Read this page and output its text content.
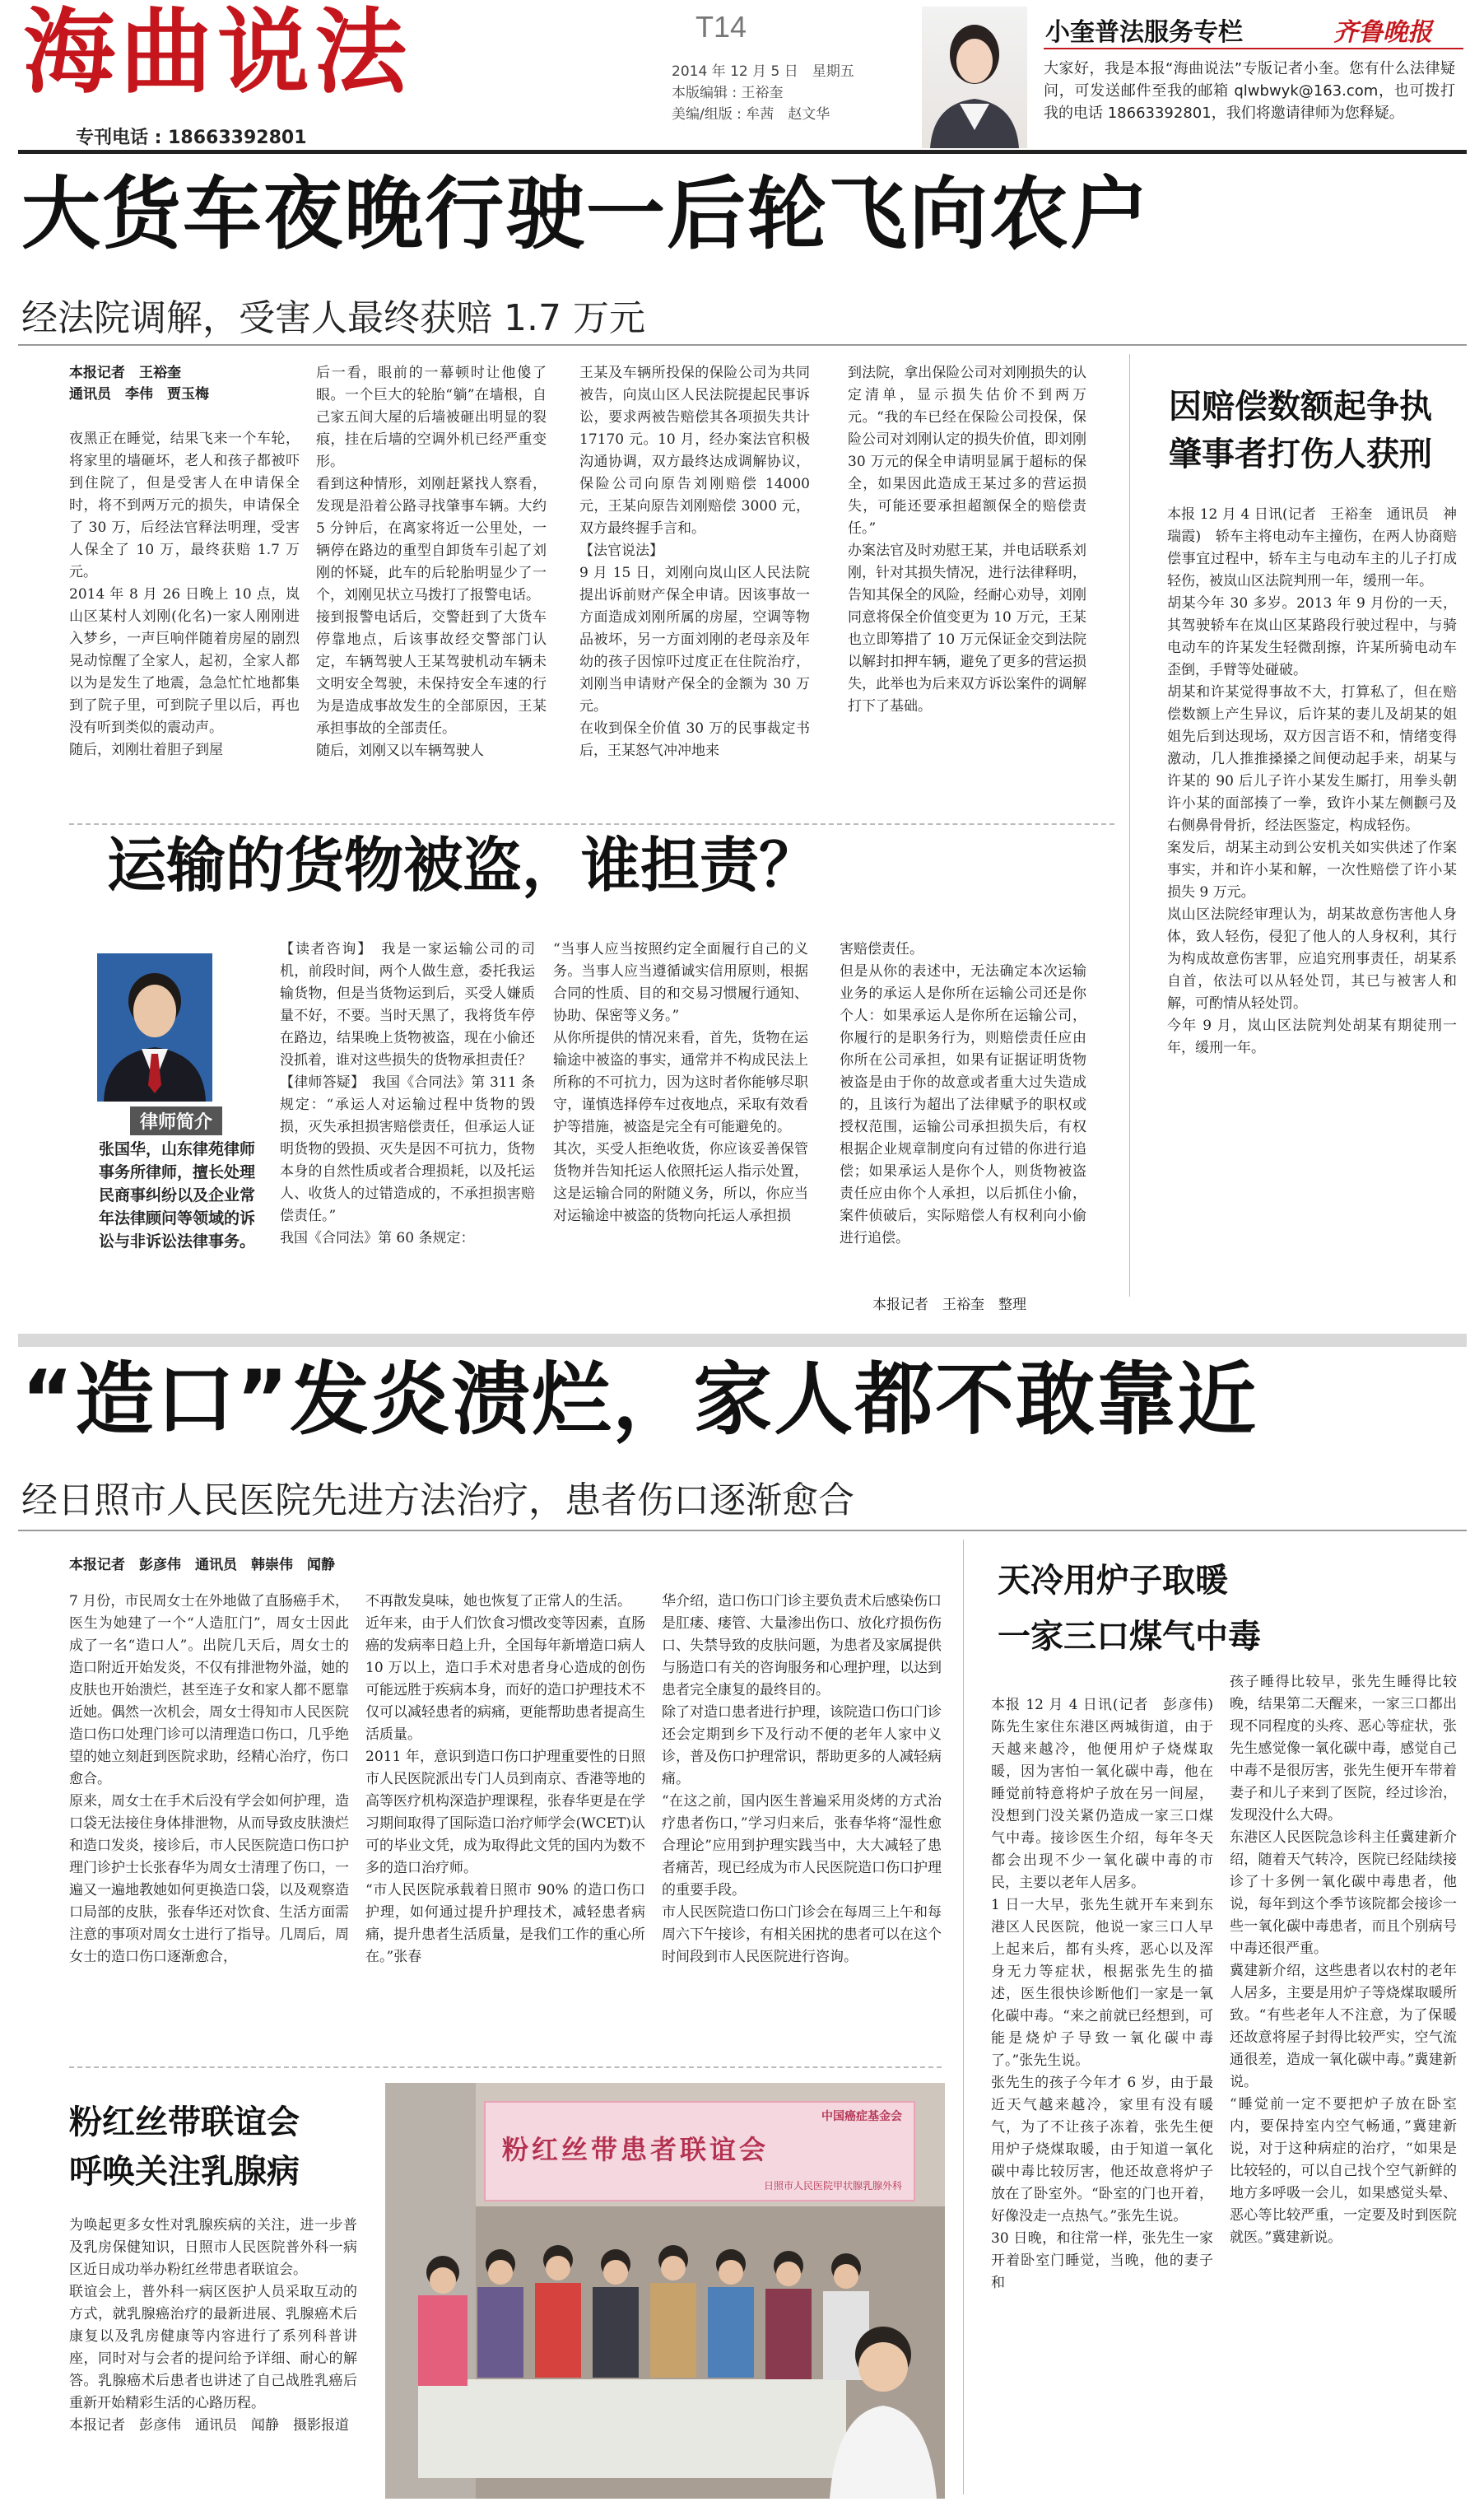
海曲说法
专刊电话 : 18663392801
T14
2014 年 12 月 5 日　星期五
本版编辑 : 王裕奎
美编/组版 : 牟茜　赵文华
小奎普法服务专栏	齐鲁晚报
大家好，我是本报“海曲说法”专版记者小奎。您有什么法律疑问，可发送邮件至我的邮箱 qlwbwyk@163.com，也可拨打我的电话 18663392801，我们将邀请律师为您释疑。
大货车夜晚行驶一后轮飞向农户
经法院调解，受害人最终获赔 1.7 万元
本报记者　王裕奎
通讯员　李伟　贾玉梅
夜黑正在睡觉，结果飞来一个车轮，将家里的墙砸坏，老人和孩子都被吓到住院了，但是受害人在申请保全时，将不到两万元的损失，申请保全了 30 万，后经法官释法明理，受害人保全了 10 万，最终获赔 1.7 万元。
2014 年 8 月 26 日晚上 10 点，岚山区某村人刘刚(化名)一家人刚刚进入梦乡，一声巨响伴随着房屋的剧烈晃动惊醒了全家人，起初，全家人都以为是发生了地震，急急忙忙地都集到了院子里，可到院子里以后，再也没有听到类似的震动声。
随后，刘刚壮着胆子到屋
后一看，眼前的一幕顿时让他傻了眼。一个巨大的轮胎“躺”在墙根，自己家五间大屋的后墙被砸出明显的裂痕，挂在后墙的空调外机已经严重变形。
看到这种情形，刘刚赶紧找人察看，发现是沿着公路寻找肇事车辆。大约 5 分钟后，在离家将近一公里处，一辆停在路边的重型自卸货车引起了刘刚的怀疑，此车的后轮胎明显少了一个，刘刚见状立马拨打了报警电话。
接到报警电话后，交警赶到了大货车停靠地点，后该事故经交警部门认定，车辆驾驶人王某驾驶机动车辆未文明安全驾驶，未保持安全车速的行为是造成事故发生的全部原因，王某承担事故的全部责任。
随后，刘刚又以车辆驾驶人
王某及车辆所投保的保险公司为共同被告，向岚山区人民法院提起民事诉讼，要求两被告赔偿其各项损失共计 17170 元。10 月，经办案法官积极沟通协调，双方最终达成调解协议，保险公司向原告刘刚赔偿 14000 元，王某向原告刘刚赔偿 3000 元，双方最终握手言和。
【法官说法】
9 月 15 日，刘刚向岚山区人民法院提出诉前财产保全申请。因该事故一方面造成刘刚所属的房屋，空调等物品被坏，另一方面刘刚的老母亲及年幼的孩子因惊吓过度正在住院治疗，刘刚当申请财产保全的金额为 30 万元。
在收到保全价值 30 万的民事裁定书后，王某怒气冲冲地来
到法院，拿出保险公司对刘刚损失的认定清单，显示损失估价不到两万元。“我的车已经在保险公司投保，保险公司对刘刚认定的损失价值，即刘刚 30 万元的保全申请明显属于超标的保全，如果因此造成王某过多的营运损失，可能还要承担超额保全的赔偿责任。”
办案法官及时劝慰王某，并电话联系刘刚，针对其损失情况，进行法律释明，告知其保全的风险，经耐心劝导，刘刚同意将保全价值变更为 10 万元，王某也立即筹措了 10 万元保证金交到法院以解封扣押车辆，避免了更多的营运损失，此举也为后来双方诉讼案件的调解打下了基础。
因赔偿数额起争执
肇事者打伤人获刑
本报 12 月 4 日讯(记者　王裕奎　通讯员　神瑞霞)　轿车主将电动车主撞伤，在两人协商赔偿事宜过程中，轿车主与电动车主的儿子打成轻伤，被岚山区法院判刑一年，缓刑一年。
胡某今年 30 多岁。2013 年 9 月份的一天，其驾驶轿车在岚山区某路段行驶过程中，与骑电动车的许某发生轻微刮擦，许某所骑电动车歪倒，手臂等处碰破。
胡某和许某觉得事故不大，打算私了，但在赔偿数额上产生异议，后许某的妻儿及胡某的姐姐先后到达现场，双方因言语不和，情绪变得激动，几人推推搡搡之间便动起手来，胡某与许某的 90 后儿子许小某发生厮打，用拳头朝许小某的面部揍了一拳，致许小某左侧颧弓及右侧鼻骨骨折，经法医鉴定，构成轻伤。
案发后，胡某主动到公安机关如实供述了作案事实，并和许小某和解，一次性赔偿了许小某损失 9 万元。
岚山区法院经审理认为，胡某故意伤害他人身体，致人轻伤，侵犯了他人的人身权利，其行为构成故意伤害罪，应追究刑事责任，胡某系自首，依法可以从轻处罚，其已与被害人和解，可酌情从轻处罚。
今年 9 月，岚山区法院判处胡某有期徒刑一年，缓刑一年。
运输的货物被盗，谁担责？
律师简介
张国华，山东律苑律师事务所律师，擅长处理民商事纠纷以及企业常年法律顾问等领域的诉讼与非诉讼法律事务。
【读者咨询】　我是一家运输公司的司机，前段时间，两个人做生意，委托我运输货物，但是当货物运到后，买受人嫌质量不好，不要。当时天黑了，我将货车停在路边，结果晚上货物被盗，现在小偷还没抓着，谁对这些损失的货物承担责任？
【律师答疑】　我国《合同法》第 311 条规定：“承运人对运输过程中货物的毁损，灭失承担损害赔偿责任，但承运人证明货物的毁损、灭失是因不可抗力，货物本身的自然性质或者合理损耗，以及托运人、收货人的过错造成的，不承担损害赔偿责任。”
我国《合同法》第 60 条规定：
“当事人应当按照约定全面履行自己的义务。当事人应当遵循诚实信用原则，根据合同的性质、目的和交易习惯履行通知、协助、保密等义务。”
从你所提供的情况来看，首先，货物在运输途中被盗的事实，通常并不构成民法上所称的不可抗力，因为这时者你能够尽职守，谨慎选择停车过夜地点，采取有效看护等措施，被盗是完全有可能避免的。
其次，买受人拒绝收货，你应该妥善保管货物并告知托运人依照托运人指示处置，这是运输合同的附随义务，所以，你应当对运输途中被盗的货物向托运人承担损
害赔偿责任。
但是从你的表述中，无法确定本次运输业务的承运人是你所在运输公司还是你个人：如果承运人是你所在运输公司，你履行的是职务行为，则赔偿责任应由你所在公司承担，如果有证据证明货物被盗是由于你的故意或者重大过失造成的，且该行为超出了法律赋予的职权或授权范围，运输公司承担损失后，有权根据企业规章制度向有过错的你进行追偿；如果承运人是你个人，则货物被盗责任应由你个人承担，以后抓住小偷，案件侦破后，实际赔偿人有权利向小偷进行追偿。
本报记者　王裕奎　整理
“造口”发炎溃烂，家人都不敢靠近
经日照市人民医院先进方法治疗，患者伤口逐渐愈合
本报记者　彭彦伟　通讯员　韩崇伟　闻静
7 月份，市民周女士在外地做了直肠癌手术，医生为她建了一个“人造肛门”，周女士因此成了一名“造口人”。出院几天后，周女士的造口附近开始发炎，不仅有排泄物外溢，她的皮肤也开始溃烂，甚至连子女和家人都不愿靠近她。偶然一次机会，周女士得知市人民医院造口伤口处理门诊可以清理造口伤口，几乎绝望的她立刻赶到医院求助，经精心治疗，伤口愈合。
原来，周女士在手术后没有学会如何护理，造口袋无法接住身体排泄物，从而导致皮肤溃烂和造口发炎，接诊后，市人民医院造口伤口护理门诊护士长张春华为周女士清理了伤口，一遍又一遍地教她如何更换造口袋，以及观察造口局部的皮肤，张春华还对饮食、生活方面需注意的事项对周女士进行了指导。几周后，周女士的造口伤口逐渐愈合，
不再散发臭味，她也恢复了正常人的生活。
近年来，由于人们饮食习惯改变等因素，直肠癌的发病率日趋上升，全国每年新增造口病人 10 万以上，造口手术对患者身心造成的创伤可能远胜于疾病本身，而好的造口护理技术不仅可以减轻患者的病痛，更能帮助患者提高生活质量。
2011 年，意识到造口伤口护理重要性的日照市人民医院派出专门人员到南京、香港等地的高等医疗机构深造护理课程，张春华更是在学习期间取得了国际造口治疗师学会(WCET)认可的毕业文凭，成为取得此文凭的国内为数不多的造口治疗师。
“市人民医院承载着日照市 90% 的造口伤口护理，如何通过提升护理技术，减轻患者病痛，提升患者生活质量，是我们工作的重心所在。”张春
华介绍，造口伤口门诊主要负责术后感染伤口是肛瘘、瘘管、大量渗出伤口、放化疗损伤伤口、失禁导致的皮肤问题，为患者及家属提供与肠造口有关的咨询服务和心理护理，以达到患者完全康复的最终目的。
除了对造口患者进行护理，该院造口伤口门诊还会定期到乡下及行动不便的老年人家中义诊，普及伤口护理常识，帮助更多的人减轻病痛。
“在这之前，国内医生普遍采用炎烤的方式治疗患者伤口，”学习归来后，张春华将“湿性愈合理论”应用到护理实践当中，大大减轻了患者痛苦，现已经成为市人民医院造口伤口护理的重要手段。
市人民医院造口伤口门诊会在每周三上午和每周六下午接诊，有相关困扰的患者可以在这个时间段到市人民医院进行咨询。
天冷用炉子取暖
一家三口煤气中毒
本报 12 月 4 日讯(记者　彭彦伟)　陈先生家住东港区两城街道，由于天越来越冷，他便用炉子烧煤取暖，因为害怕一氧化碳中毒，他在睡觉前特意将炉子放在另一间屋，没想到门没关紧仍造成一家三口煤气中毒。接诊医生介绍，每年冬天都会出现不少一氧化碳中毒的市民，主要以老年人居多。
1 日一大早，张先生就开车来到东港区人民医院，他说一家三口人早上起来后，都有头疼，恶心以及浑身无力等症状，根据张先生的描述，医生很快诊断他们一家是一氧化碳中毒。“来之前就已经想到，可能是烧炉子导致一氧化碳中毒了。”张先生说。
张先生的孩子今年才 6 岁，由于最近天气越来越冷，家里有没有暖气，为了不让孩子冻着，张先生便用炉子烧煤取暖，由于知道一氧化碳中毒比较厉害，他还故意将炉子放在了卧室外。“卧室的门也开着，好像没走一点热气。”张先生说。
30 日晚，和往常一样，张先生一家开着卧室门睡觉，当晚，他的妻子和
孩子睡得比较早，张先生睡得比较晚，结果第二天醒来，一家三口都出现不同程度的头疼、恶心等症状，张先生感觉像一氧化碳中毒，感觉自己中毒不是很厉害，张先生便开车带着妻子和儿子来到了医院，经过诊治，发现没什么大碍。
东港区人民医院急诊科主任冀建新介绍，随着天气转冷，医院已经陆续接诊了十多例一氧化碳中毒患者，他说，每年到这个季节该院都会接诊一些一氧化碳中毒患者，而且个别病号中毒还很严重。
冀建新介绍，这些患者以农村的老年人居多，主要是用炉子等烧煤取暖所致。“有些老年人不注意，为了保暖还故意将屋子封得比较严实，空气流通很差，造成一氧化碳中毒。”冀建新说。
“睡觉前一定不要把炉子放在卧室内，要保持室内空气畅通，”冀建新说，对于这种病症的治疗，“如果是比较轻的，可以自己找个空气新鲜的地方多呼吸一会儿，如果感觉头晕、恶心等比较严重，一定要及时到医院就医。”冀建新说。
粉红丝带联谊会
呼唤关注乳腺病
为唤起更多女性对乳腺疾病的关注，进一步普及乳房保健知识，日照市人民医院普外科一病区近日成功举办粉红丝带患者联谊会。
联谊会上，普外科一病区医护人员采取互动的方式，就乳腺癌治疗的最新进展、乳腺癌术后康复以及乳房健康等内容进行了系列科普讲座，同时对与会者的提问给予详细、耐心的解答。乳腺癌术后患者也讲述了自己战胜乳癌后重新开始精彩生活的心路历程。
本报记者　彭彦伟　通讯员　闻静　摄影报道
中国癌症基金会
粉红丝带患者联谊会
日照市人民医院甲状腺乳腺外科
